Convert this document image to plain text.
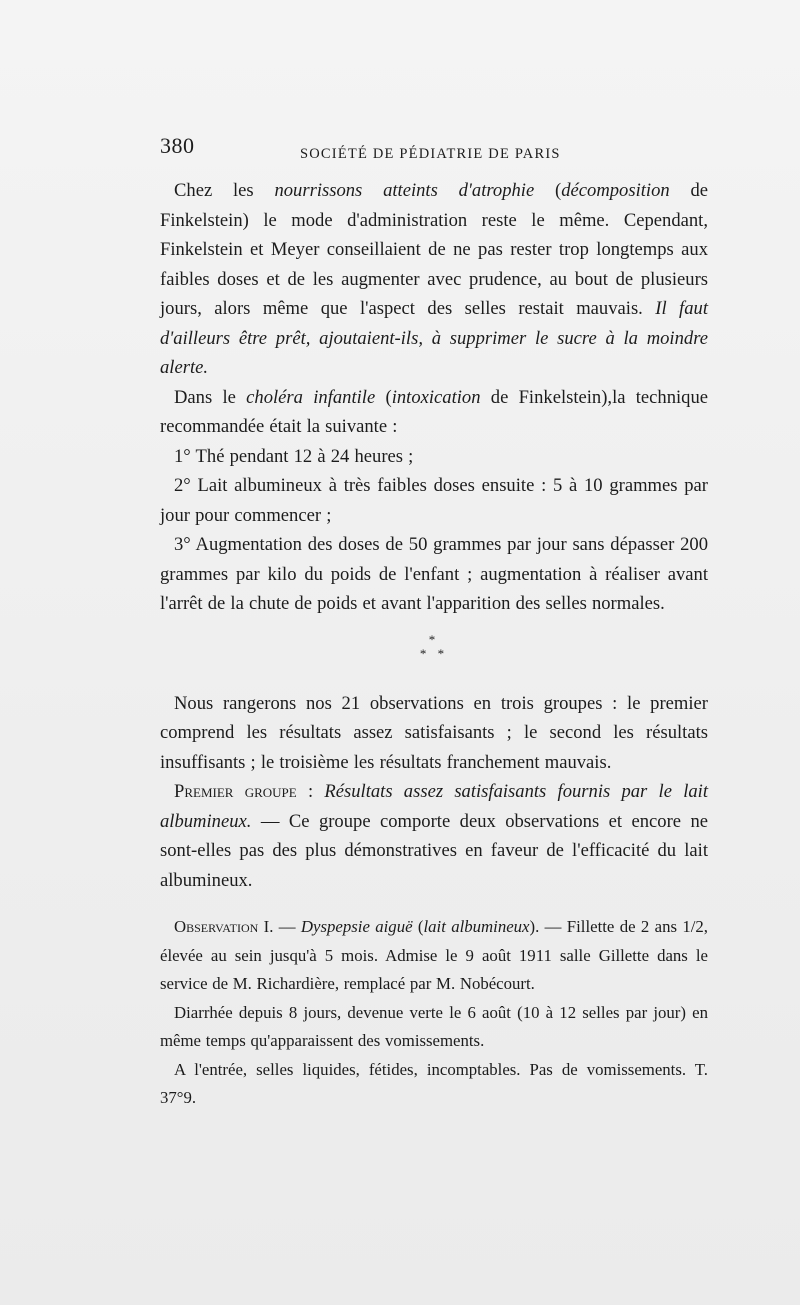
380	SOCIÉTÉ DE PÉDIATRIE DE PARIS

Chez les nourrissons atteints d'atrophie (décomposition de Finkelstein) le mode d'administration reste le même. Cependant, Finkelstein et Meyer conseillaient de ne pas rester trop longtemps aux faibles doses et de les augmenter avec prudence, au bout de plusieurs jours, alors même que l'aspect des selles restait mauvais. Il faut d'ailleurs être prêt, ajoutaient-ils, à supprimer le sucre à la moindre alerte.

Dans le choléra infantile (intoxication de Finkelstein),la technique recommandée était la suivante :

1° Thé pendant 12 à 24 heures ;

2° Lait albumineux à très faibles doses ensuite : 5 à 10 grammes par jour pour commencer ;

3° Augmentation des doses de 50 grammes par jour sans dépasser 200 grammes par kilo du poids de l'enfant ; augmentation à réaliser avant l'arrêt de la chute de poids et avant l'apparition des selles normales.

*
* *

Nous rangerons nos 21 observations en trois groupes : le premier comprend les résultats assez satisfaisants ; le second les résultats insuffisants ; le troisième les résultats franchement mauvais.

Premier groupe : Résultats assez satisfaisants fournis par le lait albumineux. — Ce groupe comporte deux observations et encore ne sont-elles pas des plus démonstratives en faveur de l'efficacité du lait albumineux.

Observation I. — Dyspepsie aiguë (lait albumineux). — Fillette de 2 ans 1/2, élevée au sein jusqu'à 5 mois. Admise le 9 août 1911 salle Gillette dans le service de M. Richardière, remplacé par M. Nobécourt.

Diarrhée depuis 8 jours, devenue verte le 6 août (10 à 12 selles par jour) en même temps qu'apparaissent des vomissements.

A l'entrée, selles liquides, fétides, incomptables. Pas de vomissements. T. 37°9.
